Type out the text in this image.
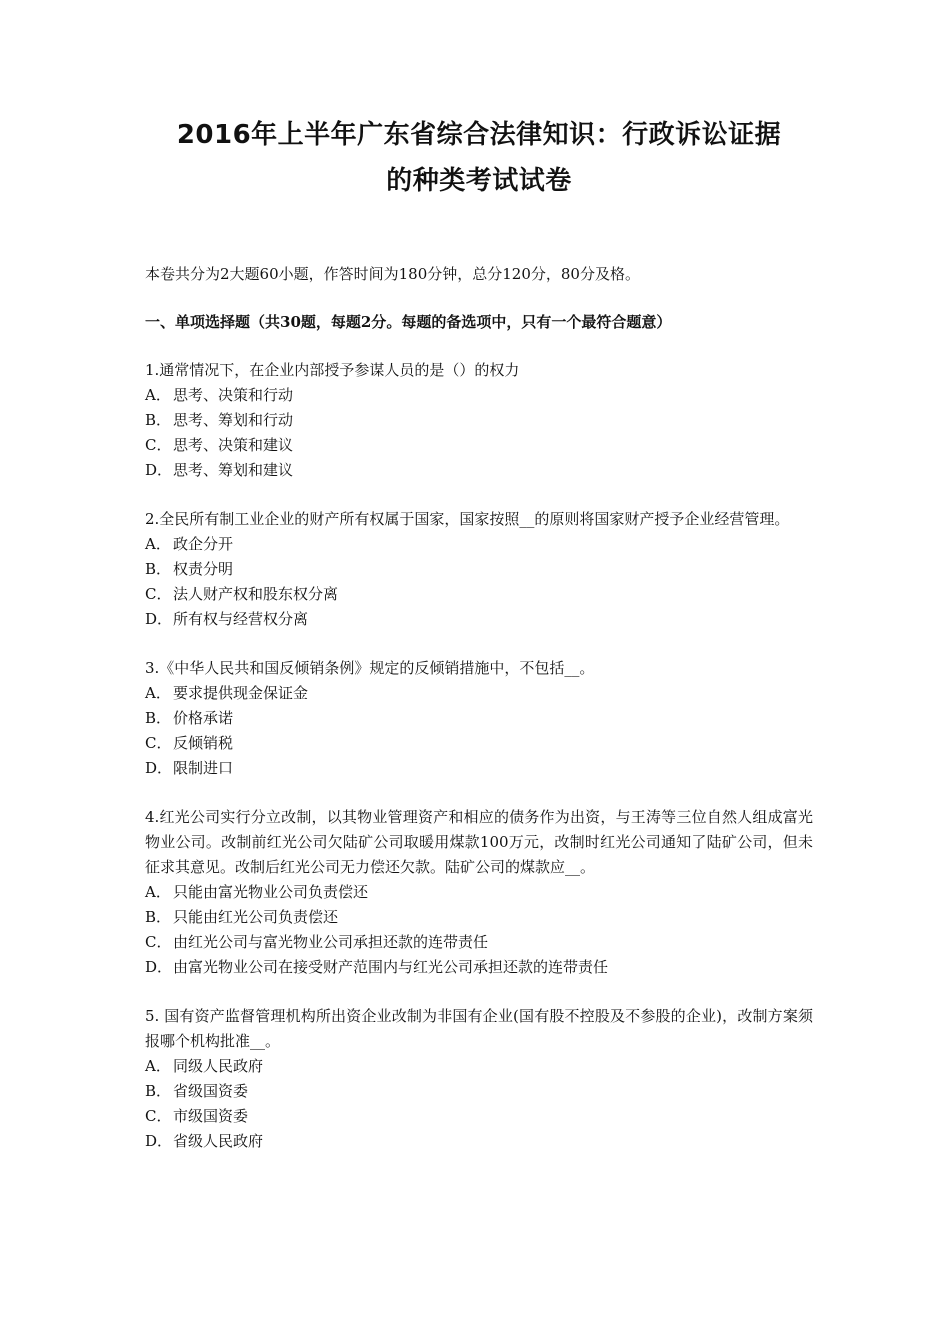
2016年上半年广东省综合法律知识：行政诉讼证据
的种类考试试卷

本卷共分为2大题60小题，作答时间为180分钟，总分120分，80分及格。

一、单项选择题（共30题，每题2分。每题的备选项中，只有一个最符合题意）

1.通常情况下，在企业内部授予参谋人员的是（）的权力

A． 思考、决策和行动
B． 思考、筹划和行动
C． 思考、决策和建议
D．思考、筹划和建议

2.全民所有制工业企业的财产所有权属于国家，国家按照__的原则将国家财产授予企业经营管理。

A． 政企分开
B． 权责分明
C． 法人财产权和股东权分离
D．所有权与经营权分离

3.《中华人民共和国反倾销条例》规定的反倾销措施中，不包括__。

A． 要求提供现金保证金
B． 价格承诺
C． 反倾销税
D．限制进口

4.红光公司实行分立改制，以其物业管理资产和相应的债务作为出资，与王涛等三位自然人组成富光物业公司。改制前红光公司欠陆矿公司取暖用煤款100万元，改制时红光公司通知了陆矿公司，但未征求其意见。改制后红光公司无力偿还欠款。陆矿公司的煤款应__。

A． 只能由富光物业公司负责偿还
B． 只能由红光公司负责偿还
C． 由红光公司与富光物业公司承担还款的连带责任
D．由富光物业公司在接受财产范围内与红光公司承担还款的连带责任

5. 国有资产监督管理机构所出资企业改制为非国有企业(国有股不控股及不参股的企业)，改制方案须报哪个机构批准__。

A． 同级人民政府
B． 省级国资委
C． 市级国资委
D．省级人民政府
